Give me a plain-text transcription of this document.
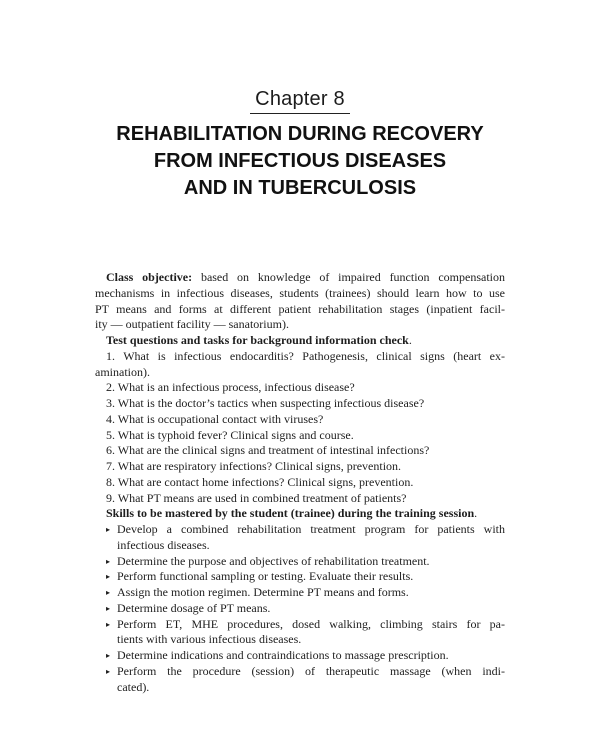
Chapter 8
REHABILITATION DURING RECOVERY
FROM INFECTIOUS DISEASES
AND IN TUBERCULOSIS
Class objective: based on knowledge of impaired function compensation
mechanisms in infectious diseases, students (trainees) should learn how to use
PT means and forms at different patient rehabilitation stages (inpatient facil-
ity — outpatient facility — sanatorium).
Test questions and tasks for background information check.
1. What is infectious endocarditis? Pathogenesis, clinical signs (heart ex-
amination).
2. What is an infectious process, infectious disease?
3. What is the doctor’s tactics when suspecting infectious disease?
4. What is occupational contact with viruses?
5. What is typhoid fever? Clinical signs and course.
6. What are the clinical signs and treatment of intestinal infections?
7. What are respiratory infections? Clinical signs, prevention.
8. What are contact home infections? Clinical signs, prevention.
9. What PT means are used in combined treatment of patients?
Skills to be mastered by the student (trainee) during the training session.
▸ Develop a combined rehabilitation treatment program for patients with
infectious diseases.
▸ Determine the purpose and objectives of rehabilitation treatment.
▸ Perform functional sampling or testing. Evaluate their results.
▸ Assign the motion regimen. Determine PT means and forms.
▸ Determine dosage of PT means.
▸ Perform ET, MHE procedures, dosed walking, climbing stairs for pa-
tients with various infectious diseases.
▸ Determine indications and contraindications to massage prescription.
▸ Perform the procedure (session) of therapeutic massage (when indi-
cated).
